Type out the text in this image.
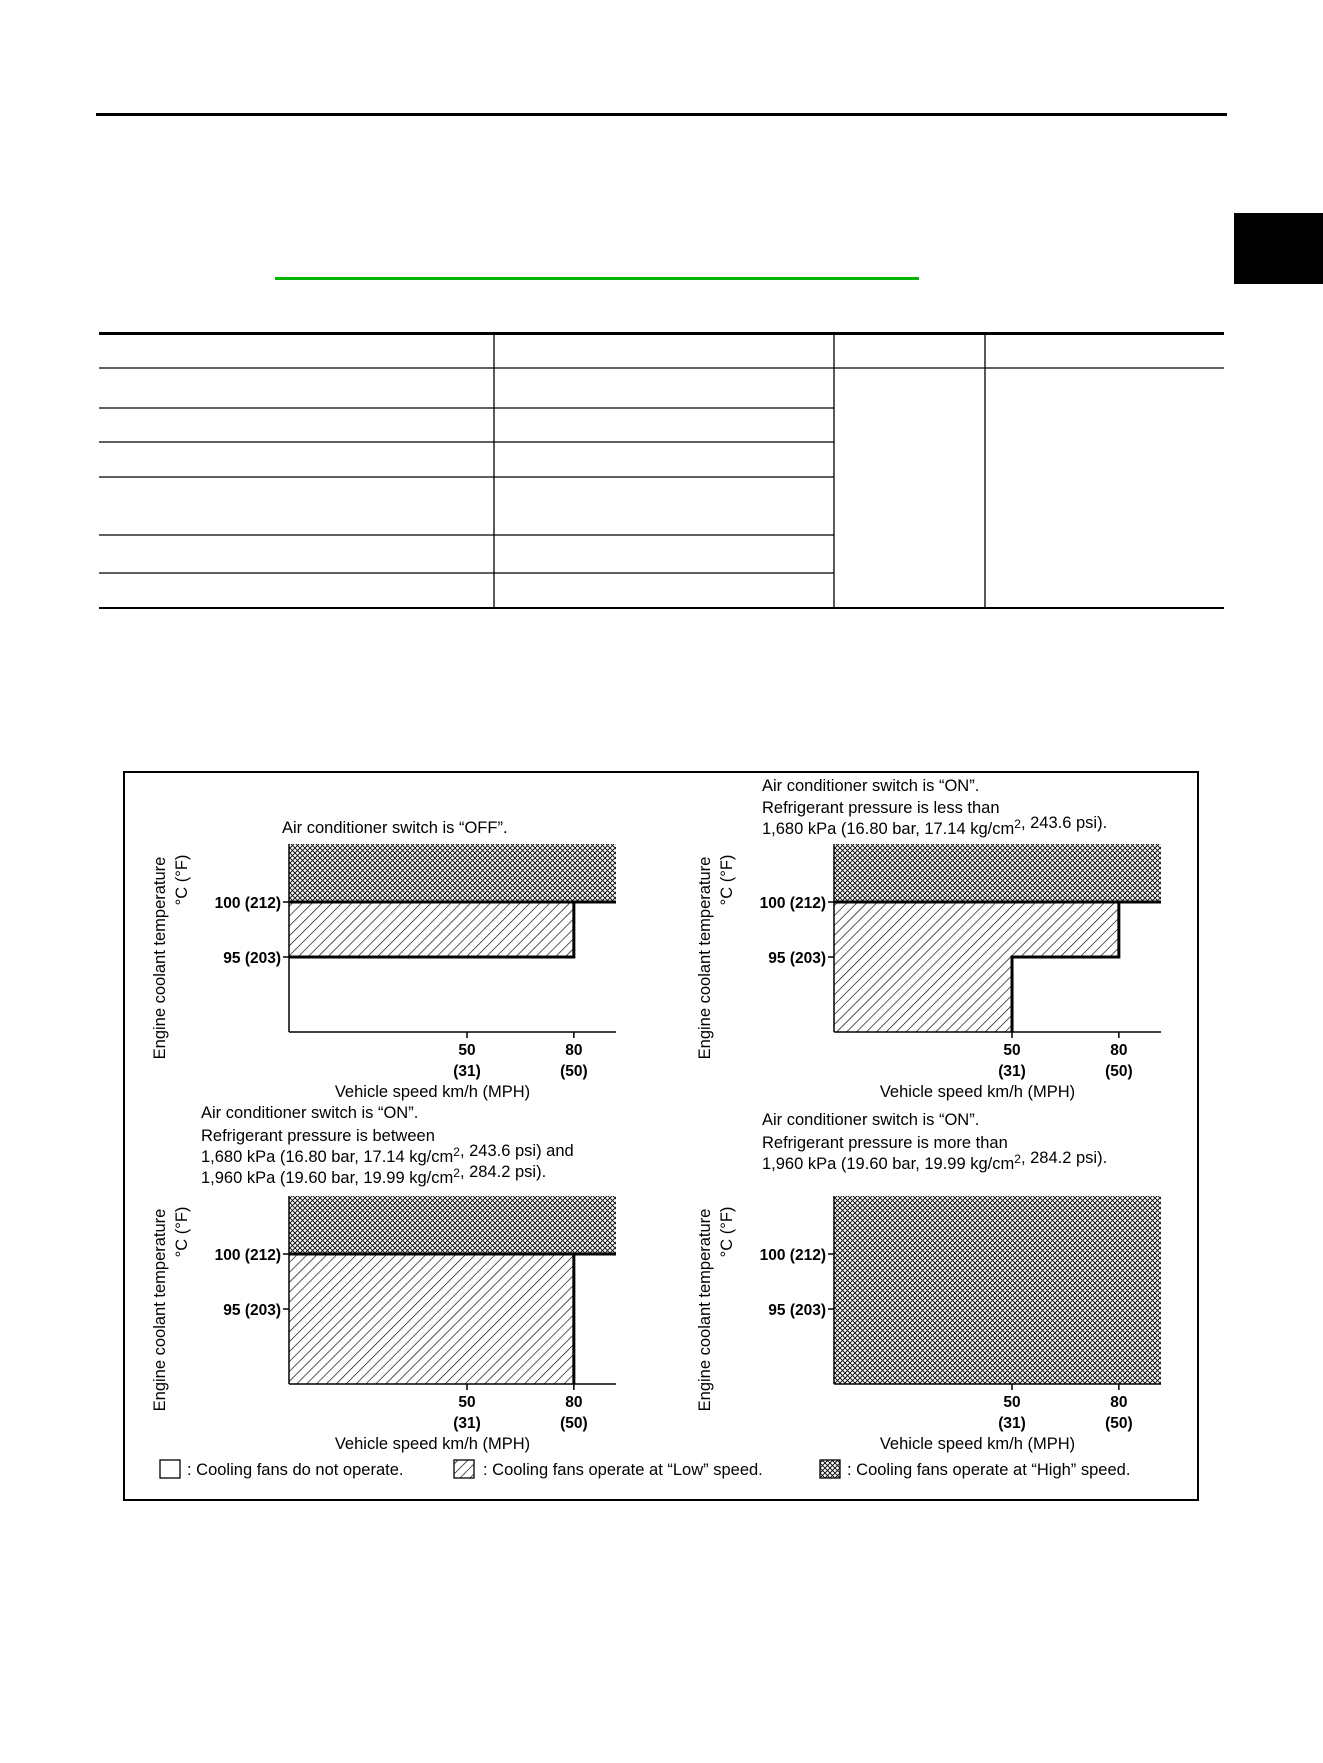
Air conditioner switch is “OFF”.
100 (212)
95 (203)
50
(31)
80
(50)
Vehicle speed km/h (MPH)
Engine coolant temperature °C (°F)
Air conditioner switch is “ON”.
Refrigerant pressure is less than
1,680 kPa (16.80 bar, 17.14 $kg/cm^2$, 243.6 psi).
100 (212)
95 (203)
50
(31)
80
(50)
Vehicle speed km/h (MPH)
Engine coolant temperature °C (°F)
Air conditioner switch is “ON”.
Refrigerant pressure is between
1,680 kPa (16.80 bar, 17.14 $kg/cm^2$, 243.6 psi) and
1,960 kPa (19.60 bar, 19.99 $kg/cm^2$, 284.2 psi).
100 (212)
95 (203)
50
(31)
80
(50)
Vehicle speed km/h (MPH)
Engine coolant temperature °C (°F)
Air conditioner switch is “ON”.
Refrigerant pressure is more than
1,960 kPa (19.60 bar, 19.99 $kg/cm^2$, 284.2 psi).
100 (212)
95 (203)
50
(31)
80
(50)
Vehicle speed km/h (MPH)
Engine coolant temperature °C (°F)
: Cooling fans do not operate.	: Cooling fans operate at “Low” speed.	: Cooling fans operate at “High” speed.
